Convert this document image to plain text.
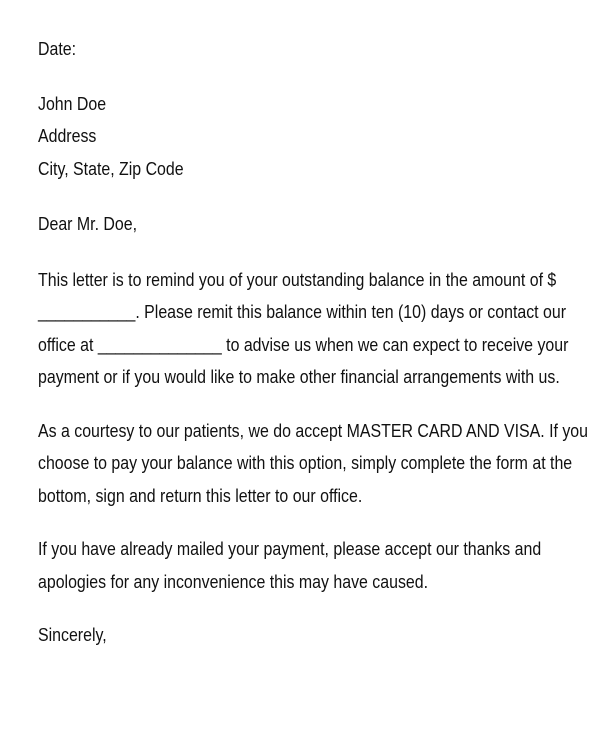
Date:
John Doe
Address
City, State, Zip Code
Dear Mr. Doe,
This letter is to remind you of your outstanding balance in the amount of $
___________. Please remit this balance within ten (10) days or contact our
office at ______________ to advise us when we can expect to receive your
payment or if you would like to make other financial arrangements with us.
As a courtesy to our patients, we do accept MASTER CARD AND VISA. If you
choose to pay your balance with this option, simply complete the form at the
bottom, sign and return this letter to our office.
If you have already mailed your payment, please accept our thanks and
apologies for any inconvenience this may have caused.
Sincerely,
